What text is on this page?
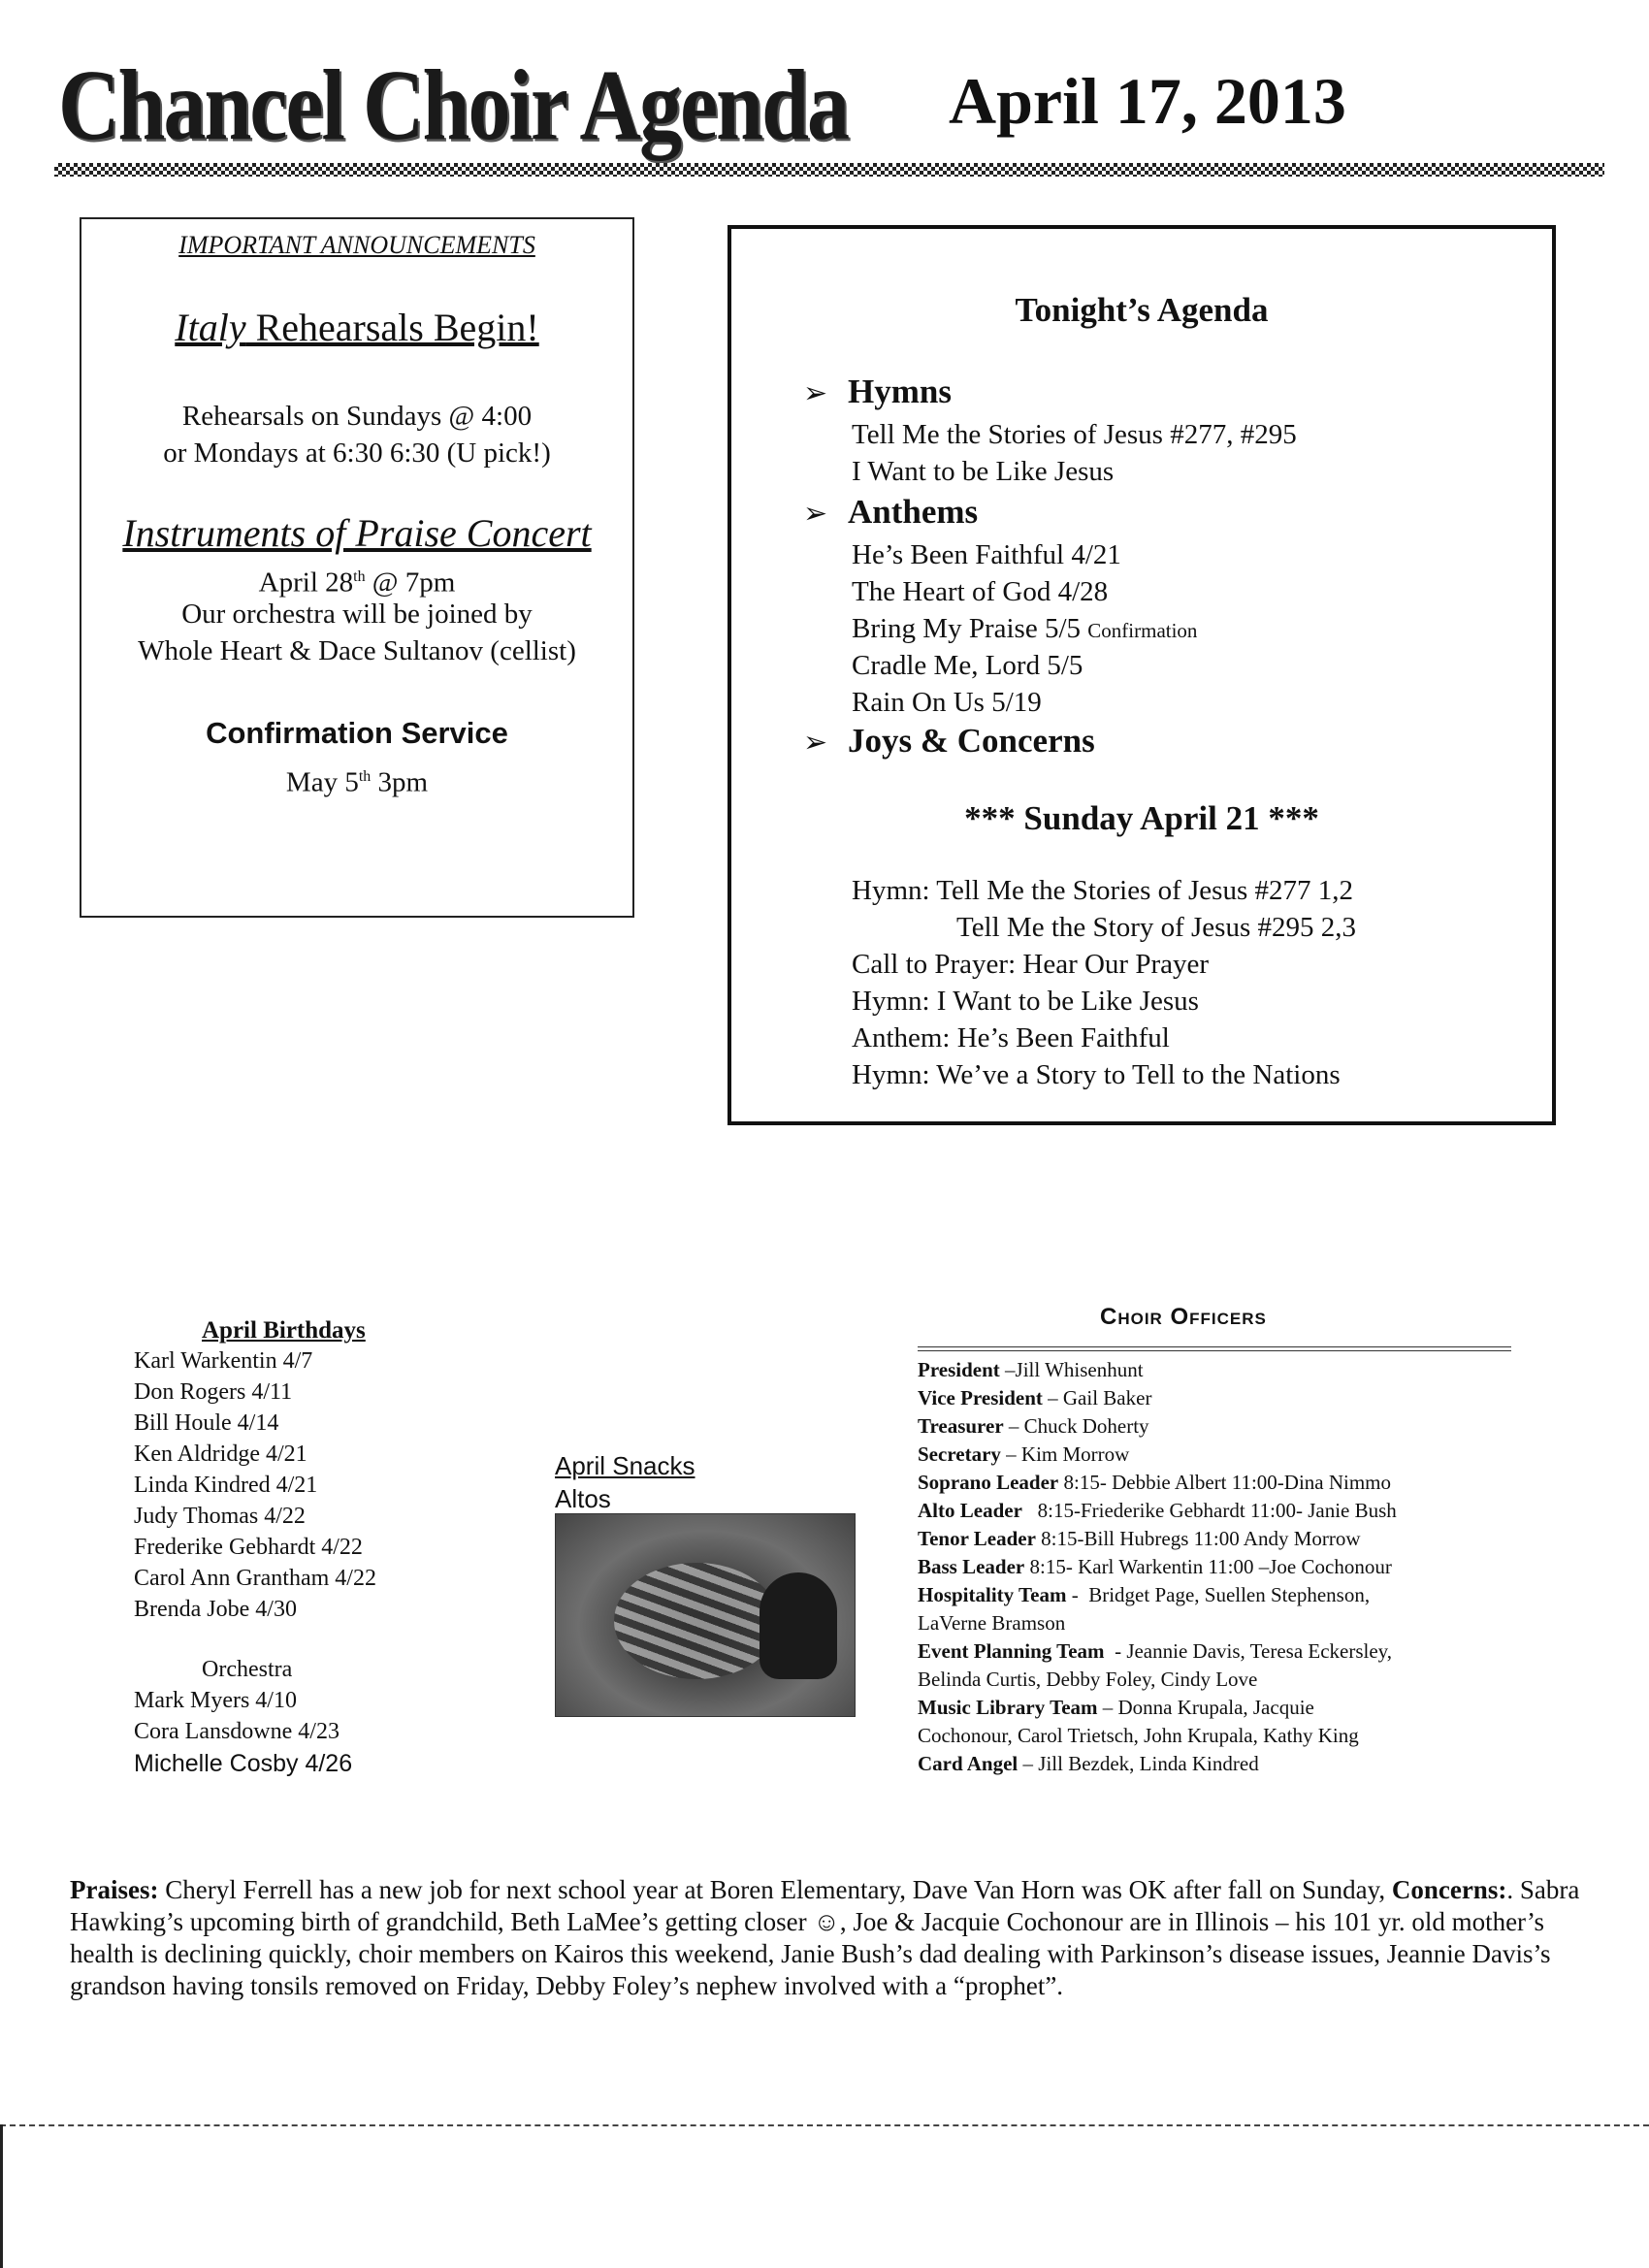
Chancel Choir Agenda April 17, 2013
IMPORTANT ANNOUNCEMENTS
Italy Rehearsals Begin!
Rehearsals on Sundays @ 4:00
or Mondays at 6:30 6:30 (U pick!)
Instruments of Praise Concert
April 28th @ 7pm
Our orchestra will be joined by
Whole Heart & Dace Sultanov (cellist)
Confirmation Service
May 5th 3pm
Tonight’s Agenda
➢ Hymns
Tell Me the Stories of Jesus #277, #295
I Want to be Like Jesus
➢ Anthems
He’s Been Faithful 4/21
The Heart of God 4/28
Bring My Praise 5/5 Confirmation
Cradle Me, Lord 5/5
Rain On Us 5/19
➢ Joys & Concerns
*** Sunday April 21 ***
Hymn: Tell Me the Stories of Jesus #277 1,2
Tell Me the Story of Jesus #295 2,3
Call to Prayer: Hear Our Prayer
Hymn: I Want to be Like Jesus
Anthem: He’s Been Faithful
Hymn: We’ve a Story to Tell to the Nations
April Birthdays
Karl Warkentin 4/7
Don Rogers 4/11
Bill Houle 4/14
Ken Aldridge 4/21
Linda Kindred 4/21
Judy Thomas 4/22
Frederike Gebhardt 4/22
Carol Ann Grantham 4/22
Brenda Jobe 4/30
Orchestra
Mark Myers 4/10
Cora Lansdowne 4/23
Michelle Cosby 4/26
April Snacks
Altos
Choir Officers
President –Jill Whisenhunt
Vice President – Gail Baker
Treasurer – Chuck Doherty
Secretary – Kim Morrow
Soprano Leader 8:15- Debbie Albert 11:00-Dina Nimmo
Alto Leader 8:15-Friederike Gebhardt 11:00- Janie Bush
Tenor Leader 8:15-Bill Hubregs 11:00 Andy Morrow
Bass Leader 8:15- Karl Warkentin 11:00 –Joe Cochonour
Hospitality Team -  Bridget Page, Suellen Stephenson,
LaVerne Bramson
Event Planning Team  - Jeannie Davis, Teresa Eckersley,
Belinda Curtis, Debby Foley, Cindy Love
Music Library Team – Donna Krupala, Jacquie
Cochonour, Carol Trietsch, John Krupala, Kathy King
Card Angel – Jill Bezdek, Linda Kindred
Praises: Cheryl Ferrell has a new job for next school year at Boren Elementary, Dave Van Horn was OK after fall on Sunday, Concerns:. Sabra Hawking’s upcoming birth of grandchild, Beth LaMee’s getting closer ☺, Joe & Jacquie Cochonour are in Illinois – his 101 yr. old mother’s health is declining quickly, choir members on Kairos this weekend, Janie Bush’s dad dealing with Parkinson’s disease issues, Jeannie Davis’s grandson having tonsils removed on Friday, Debby Foley’s nephew involved with a “prophet”.
